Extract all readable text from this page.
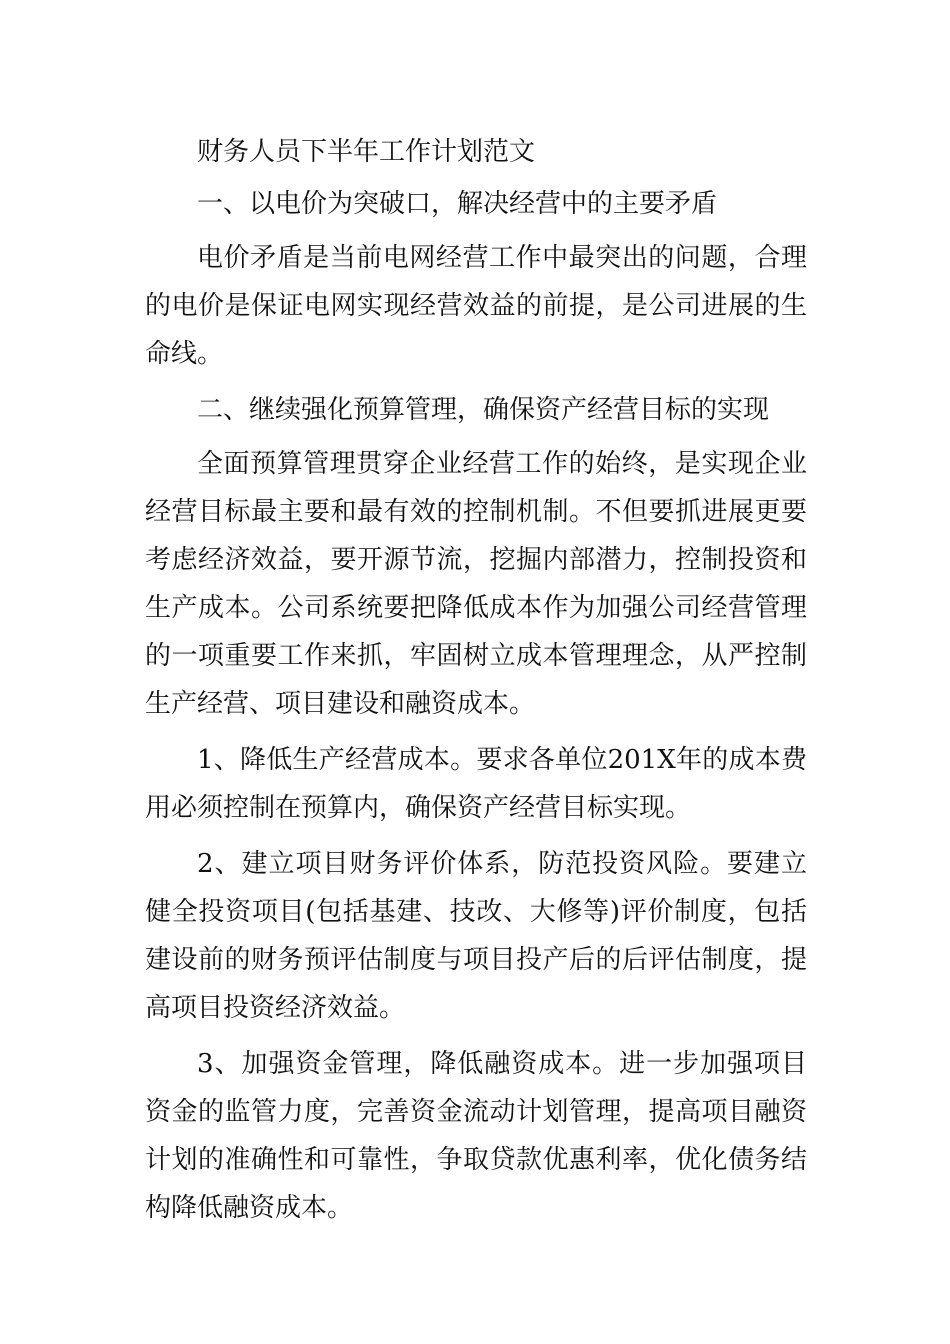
财务人员下半年工作计划范文

一、以电价为突破口，解决经营中的主要矛盾

电价矛盾是当前电网经营工作中最突出的问题，合理的电价是保证电网实现经营效益的前提，是公司进展的生命线。

二、继续强化预算管理，确保资产经营目标的实现

全面预算管理贯穿企业经营工作的始终，是实现企业经营目标最主要和最有效的控制机制。不但要抓进展更要考虑经济效益，要开源节流，挖掘内部潜力，控制投资和生产成本。公司系统要把降低成本作为加强公司经营管理的一项重要工作来抓，牢固树立成本管理理念，从严控制生产经营、项目建设和融资成本。

1、降低生产经营成本。要求各单位201X年的成本费用必须控制在预算内，确保资产经营目标实现。

2、建立项目财务评价体系，防范投资风险。要建立健全投资项目(包括基建、技改、大修等)评价制度，包括建设前的财务预评估制度与项目投产后的后评估制度，提高项目投资经济效益。

3、加强资金管理，降低融资成本。进一步加强项目资金的监管力度，完善资金流动计划管理，提高项目融资计划的准确性和可靠性，争取贷款优惠利率，优化债务结构降低融资成本。
